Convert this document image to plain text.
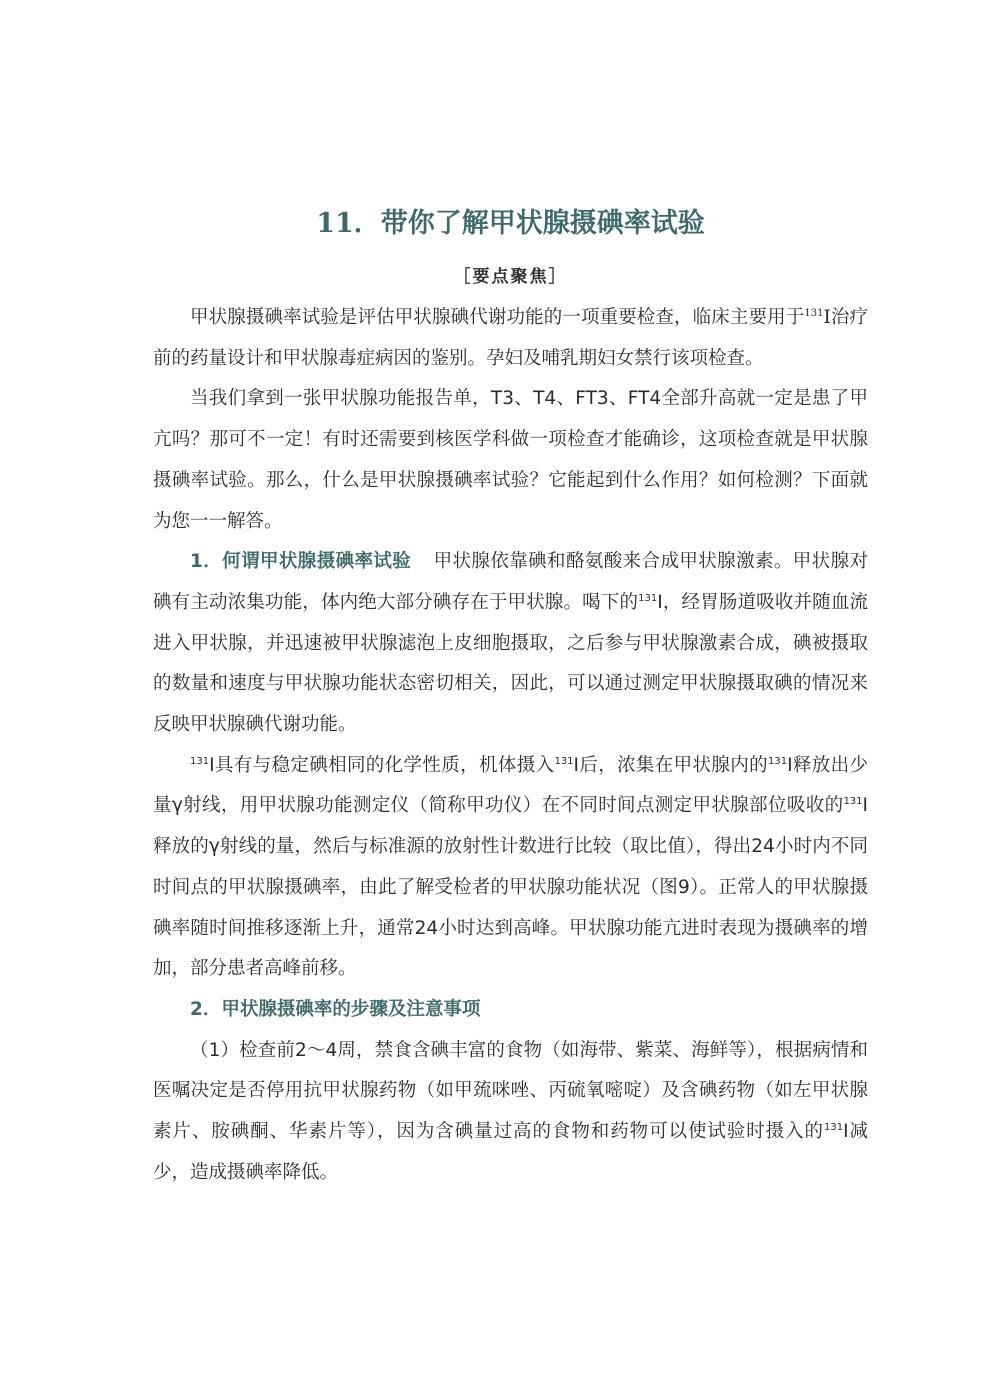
11．带你了解甲状腺摄碘率试验
［要点聚焦］

甲状腺摄碘率试验是评估甲状腺碘代谢功能的一项重要检查，临床主要用于$^{131}$I治疗前的药量设计和甲状腺毒症病因的鉴别。孕妇及哺乳期妇女禁行该项检查。

当我们拿到一张甲状腺功能报告单，T3、T4、FT3、FT4全部升高就一定是患了甲亢吗？那可不一定！有时还需要到核医学科做一项检查才能确诊，这项检查就是甲状腺摄碘率试验。那么，什么是甲状腺摄碘率试验？它能起到什么作用？如何检测？下面就为您一一解答。

1．何谓甲状腺摄碘率试验 甲状腺依靠碘和酪氨酸来合成甲状腺激素。甲状腺对碘有主动浓集功能，体内绝大部分碘存在于甲状腺。喝下的$^{131}$I，经胃肠道吸收并随血流进入甲状腺，并迅速被甲状腺滤泡上皮细胞摄取，之后参与甲状腺激素合成，碘被摄取的数量和速度与甲状腺功能状态密切相关，因此，可以通过测定甲状腺摄取碘的情况来反映甲状腺碘代谢功能。

$^{131}$I具有与稳定碘相同的化学性质，机体摄入$^{131}$I后，浓集在甲状腺内的$^{131}$I释放出少量γ射线，用甲状腺功能测定仪（简称甲功仪）在不同时间点测定甲状腺部位吸收的$^{131}$I释放的γ射线的量，然后与标准源的放射性计数进行比较（取比值），得出24小时内不同时间点的甲状腺摄碘率，由此了解受检者的甲状腺功能状况（图9）。正常人的甲状腺摄碘率随时间推移逐渐上升，通常24小时达到高峰。甲状腺功能亢进时表现为摄碘率的增加，部分患者高峰前移。

2．甲状腺摄碘率的步骤及注意事项

（1）检查前2～4周，禁食含碘丰富的食物（如海带、紫菜、海鲜等），根据病情和医嘱决定是否停用抗甲状腺药物（如甲巯咪唑、丙硫氧嘧啶）及含碘药物（如左甲状腺素片、胺碘酮、华素片等），因为含碘量过高的食物和药物可以使试验时摄入的$^{131}$I减少，造成摄碘率降低。
